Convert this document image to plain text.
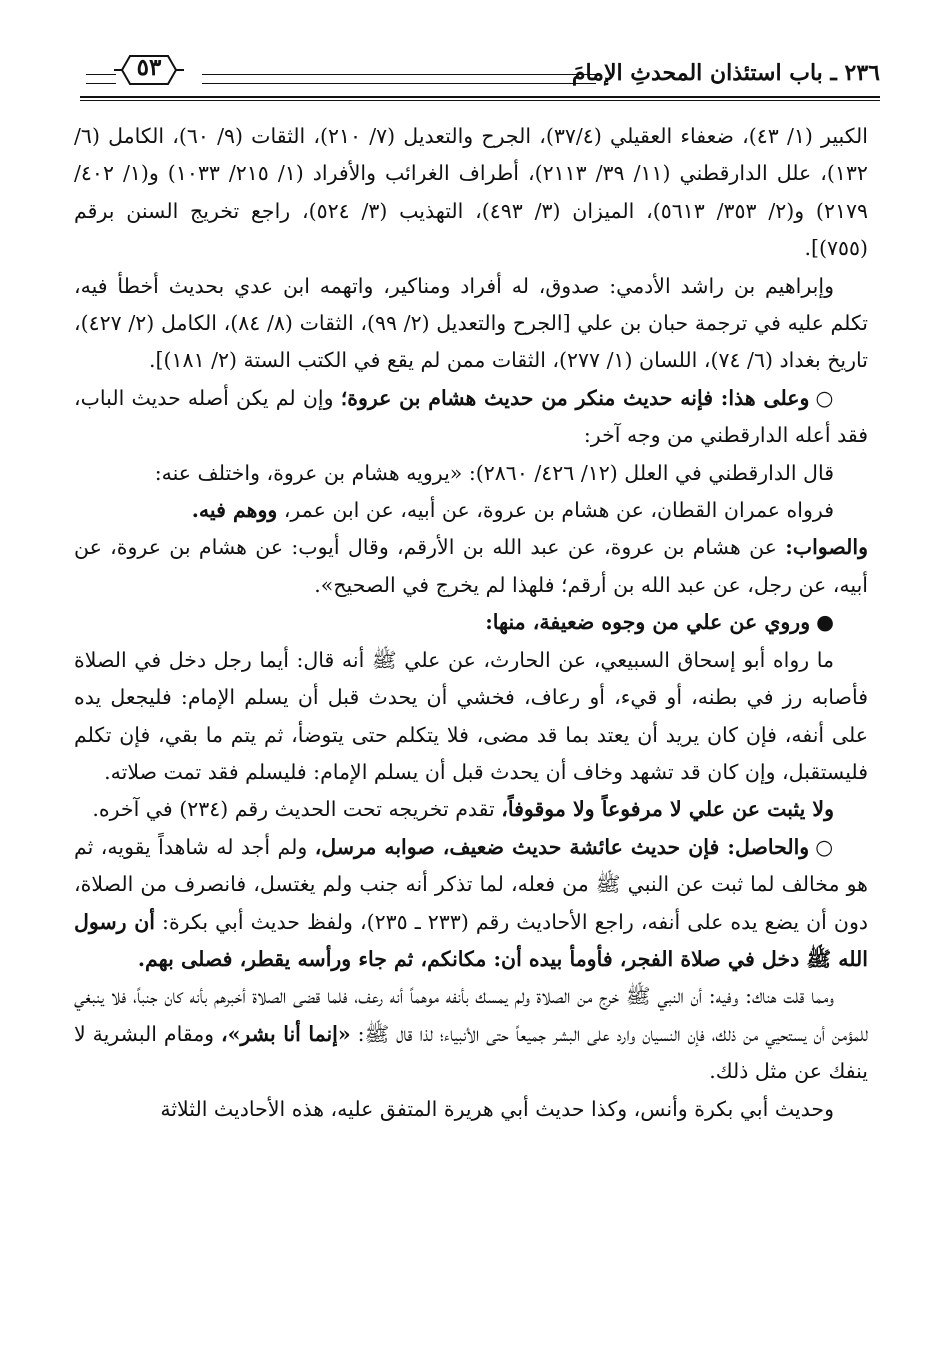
٢٣٦ ـ باب استئذان المحدثِ الإمامَ
٥٣

الكبير (١/ ٤٣)، ضعفاء العقيلي (٣٧/٤)، الجرح والتعديل (٧/ ٢١٠)، الثقات (٩/ ٦٠)، الكامل (٦/ ١٣٢)، علل الدارقطني (١١/ ٣٩/ ٢١١٣)، أطراف الغرائب والأفراد (١/ ٢١٥/ ١٠٣٣) و(١/ ٤٠٢/ ٢١٧٩) و(٢/ ٣٥٣/ ٥٦١٣)، الميزان (٣/ ٤٩٣)، التهذيب (٣/ ٥٢٤)، راجع تخريج السنن برقم (٧٥٥)].

وإبراهيم بن راشد الأدمي: صدوق، له أفراد ومناكير، واتهمه ابن عدي بحديث أخطأ فيه، تكلم عليه في ترجمة حبان بن علي [الجرح والتعديل (٢/ ٩٩)، الثقات (٨/ ٨٤)، الكامل (٢/ ٤٢٧)، تاريخ بغداد (٦/ ٧٤)، اللسان (١/ ٢٧٧)، الثقات ممن لم يقع في الكتب الستة (٢/ ١٨١)].

○وعلى هذا: فإنه حديث منكر من حديث هشام بن عروة؛ وإن لم يكن أصله حديث الباب، فقد أعله الدارقطني من وجه آخر:

قال الدارقطني في العلل (١٢/ ٤٢٦/ ٢٨٦٠): «يرويه هشام بن عروة، واختلف عنه:

فرواه عمران القطان، عن هشام بن عروة، عن أبيه، عن ابن عمر، ووهم فيه.

والصواب: عن هشام بن عروة، عن عبد الله بن الأرقم، وقال أيوب: عن هشام بن عروة، عن أبيه، عن رجل، عن عبد الله بن أرقم؛ فلهذا لم يخرج في الصحيح».

●وروي عن علي من وجوه ضعيفة، منها:

ما رواه أبو إسحاق السبيعي، عن الحارث، عن علي ﷺ أنه قال: أيما رجل دخل في الصلاة فأصابه رز في بطنه، أو قيء، أو رعاف، فخشي أن يحدث قبل أن يسلم الإمام: فليجعل يده على أنفه، فإن كان يريد أن يعتد بما قد مضى، فلا يتكلم حتى يتوضأ، ثم يتم ما بقي، فإن تكلم فليستقبل، وإن كان قد تشهد وخاف أن يحدث قبل أن يسلم الإمام: فليسلم فقد تمت صلاته.

ولا يثبت عن علي لا مرفوعاً ولا موقوفاً، تقدم تخريجه تحت الحديث رقم (٢٣٤) في آخره.

○والحاصل: فإن حديث عائشة حديث ضعيف، صوابه مرسل، ولم أجد له شاهداً يقويه، ثم هو مخالف لما ثبت عن النبي ﷺ من فعله، لما تذكر أنه جنب ولم يغتسل، فانصرف من الصلاة، دون أن يضع يده على أنفه، راجع الأحاديث رقم (٢٣٣ ـ ٢٣٥)، ولفظ حديث أبي بكرة: أن رسول الله ﷺ دخل في صلاة الفجر، فأومأ بيده أن: مكانكم، ثم جاء ورأسه يقطر، فصلى بهم.

ومما قلت هناك: وفيه: أن النبي ﷺ خرج من الصلاة ولم يمسك بأنفه موهماً أنه رعف، فلما قضى الصلاة أخبرهم بأنه كان جنباً، فلا ينبغي للمؤمن أن يستحيي من ذلك، فإن النسيان وارد على البشر جميعاً حتى الأنبياء؛ لذا قال ﷺ: «إنما أنا بشر»، ومقام البشرية لا ينفك عن مثل ذلك.

وحديث أبي بكرة وأنس، وكذا حديث أبي هريرة المتفق عليه، هذه الأحاديث الثلاثة
